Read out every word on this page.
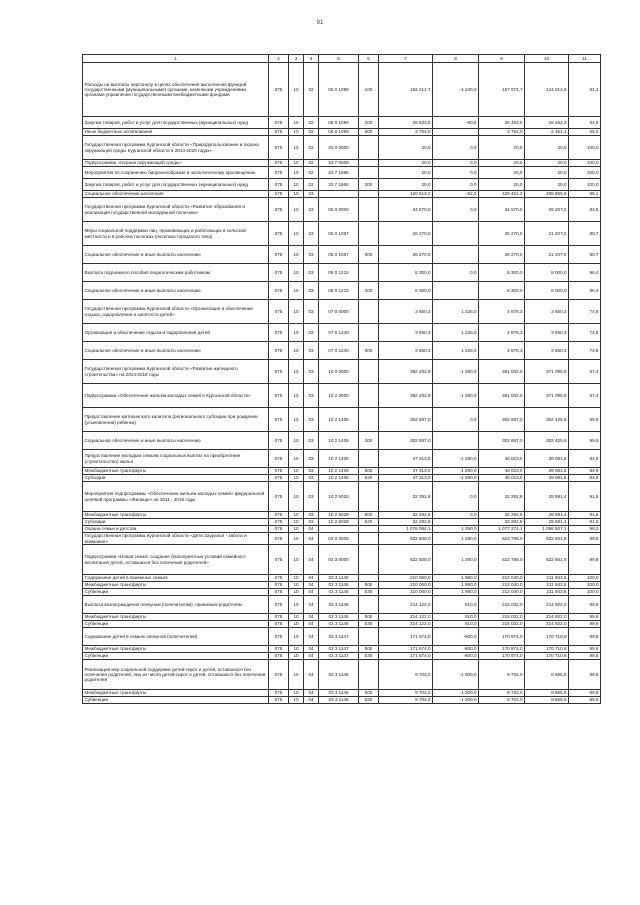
91
1	2	3	4	5	6	7	8	9	10	11
Расходы на выплаты персоналу в целях обеспечения выполнения функций государственными (муниципальными) органами, казенными учреждениями, органами управления государственными внебюджетными фондами	075	10	02	06 0 1099	100	162 212,7	-4 240,0	157 972,7	144 014,5	91,2
Закупка товаров, работ и услуг для государственных (муниципальных) нужд	075	10	02	06 0 1099	200	26 533,0	-60,0	26 453,0	18 462,3	64,9
Иные бюджетные ассигнования	075	10	02	06 0 1099	800	3 764,0		3 764,0	2 454,1	65,2
Государственная программа Курганской области «Природопользование и охрана окружающей среды Курганской области в 2014-2020 годах»	075	10	02	33 0 0000		20,0	0,0	20,0	20,0	100,0
Подпрограмма «Охрана окружающей среды»	075	10	02	33 7 0000		20,0	0,0	20,0	20,0	100,0
Мероприятия по сохранению биоразнообразия и экологическому просвещению	075	10	02	33 7 1566		20,0	0,0	20,0	20,0	100,0
Закупка товаров, работ и услуг для государственных (муниципальных) нужд	075	10	02	33 7 1566	200	20,0	0,0	20,0	20,0	100,0
Социальное обеспечение населения	075	10	03			420 513,2	-62,0	420 451,2	405 955,9	96,1
Государственная программа Курганской области «Развитие образования и реализация государственной молодежной политики»	075	10	03	06 0 0000		34 570,0	0,0	34 570,0	29 207,0	84,5
Меры социальной поддержки лиц, проживающих и работающих в сельской местности и в рабочих поселках (поселках городского типа)	075	10	03	06 0 1057		26 270,0		26 270,0	21 207,0	80,7
Социальное обеспечение и иные выплаты населению	075	10	03	06 0 1057	300	26 270,0		26 270,0	21 207,0	80,7
Выплата подъемного пособия педагогическим работникам	075	10	03	06 0 1215		8 300,0	0,0	8 300,0	8 000,0	96,4
Социальное обеспечение и иные выплаты населению	075	10	03	06 0 1215	300	8 300,0		8 300,0	8 000,0	96,4
Государственная программа Курганской области «Организация и обеспечение отдыха, оздоровления и занятости детей»	075	10	03	07 0 0000		3 650,3	1 228,0	4 878,3	3 650,3	74,8
Организация и обеспечение отдыха и оздоровления детей	075	10	03	07 0 1240		3 650,3	1 228,0	4 878,3	3 650,3	74,8
Социальное обеспечение и иные выплаты населению	075	10	03	07 0 1240	300	3 650,3	1 228,0	4 878,3	3 650,3	74,8
Государственная программа Курганской области «Развитие жилищного строительства» на 2014-2018 годы	075	10	03	10 0 0000		382 292,9	-1 290,0	381 002,9	371 098,6	97,4
Подпрограмма «Обеспечение жильем молодых семей в Курганской области»	075	10	03	10 2 0000		382 292,9	-1 290,0	381 002,9	371 098,6	97,4
Предоставление материнского капитала (регионального субсидии при рождении (усыновлении) ребенка)	075	10	03	10 2 1405		302 687,0	0,0	302 687,0	302 425,6	99,9
Социальное обеспечение и иные выплаты населению	075	10	03	10 2 1405	300	302 687,0		302 687,0	302 425,6	99,9
Предоставление молодым семьям социальных выплат на приобретение (строительство) жилья	075	10	03	10 2 1406		47 313,0	-1 290,0	46 023,0	39 081,6	84,9
Межбюджетные трансферты	075	10	03	10 2 1406	500	47 313,0	-1 290,0	46 023,0	39 081,6	84,9
Субсидии	075	10	03	10 2 1406	520	47 313,0	-1 290,0	46 023,0	39 081,6	84,9
Мероприятия подпрограммы «Обеспечение жильем молодых семей» федеральной целевой программы «Жилище» на 2011 - 2015 годы	075	10	03	10 2 5020		32 292,9	0,0	32 292,9	29 591,4	91,6
Межбюджетные трансферты	075	10	03	10 2 5020	500	32 292,9	0,0	32 292,9	29 591,4	91,6
Субсидии	075	10	03	10 2 5020	520	32 292,9		32 292,9	29 591,4	91,6
Охрана семьи и детства	075	10	04			1 076 084,1	1 290,0	1 077 374,1	1 058 507,1	98,2
Государственная программа Курганской области «Дети Зауралья - забота и внимание»	075	10	04	03 0 0000		622 508,0	1 290,0	623 798,0	622 661,9	99,8
Подпрограмма «Новая семья: создание благоприятных условий семейного воспитания детей, оставшихся без попечения родителей»	075	10	04	03 3 0000		622 508,0	1 290,0	623 798,0	622 661,9	99,8
Содержание детей в приемных семьях	075	10	04	03 3 1145		210 060,0	1 980,0	212 040,0	211 943,6	100,0
Межбюджетные трансферты	075	10	04	03 3 1145	500	210 060,0	1 980,0	212 040,0	211 943,6	100,0
Субвенции	075	10	04	03 3 1145	530	210 060,0	1 980,0	212 040,0	211 943,6	100,0
Выплата вознаграждения опекунам (попечителям), приемным родителям	075	10	04	03 3 1146		214 122,0	910,0	215 032,0	214 922,0	99,9
Межбюджетные трансферты	075	10	04	03 3 1146	500	214 122,0	910,0	215 032,0	214 922,0	99,9
Субвенции	075	10	04	03 3 1146	530	214 122,0	910,0	215 032,0	214 922,0	99,9
Содержание детей в семьях опекунов (попечителей)	075	10	04	03 3 1147		171 574,0	-600,0	170 974,0	170 710,8	99,8
Межбюджетные трансферты	075	10	04	03 3 1147	500	171 574,0	-600,0	170 974,0	170 710,8	99,8
Субвенции	075	10	04	03 3 1147	530	171 574,0	-600,0	170 974,0	170 710,8	99,8
Реализация мер социальной поддержки детей-сирот и детей, оставшихся без попечения родителей, лиц из числа детей-сирот и детей, оставшихся без попечения родителей	075	10	04	03 3 1148		9 702,0	-1 000,0	8 702,0	8 665,5	99,6
Межбюджетные трансферты	075	10	04	03 3 1148	500	9 702,0	-1 000,0	8 702,0	8 665,5	99,6
Субвенции	075	10	04	03 3 1148	530	9 702,0	-1 000,0	8 702,0	8 665,5	99,6
